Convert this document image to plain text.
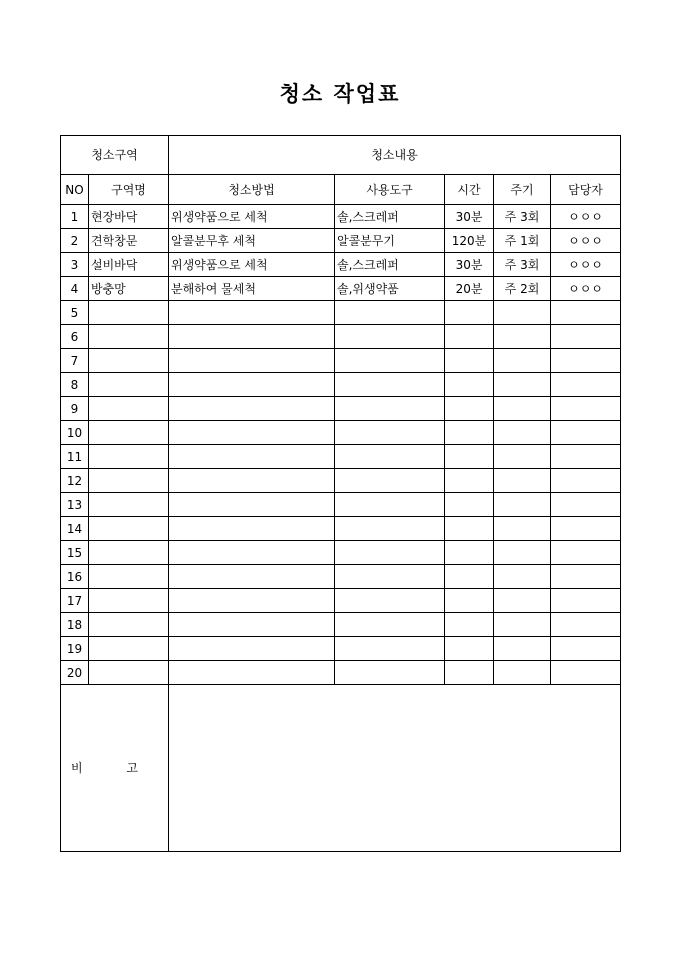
청소 작업표
청소구역		청소내용				
NO	구역명	청소방법	사용도구	시간	주기	담당자
1	현장바닥	위생약품으로 세척	솔,스크레퍼	30분	주 3회	ㅇㅇㅇ
2	견학창문	알콜분무후 세척	알콜분무기	120분	주 1회	ㅇㅇㅇ
3	설비바닥	위생약품으로 세척	솔,스크레퍼	30분	주 3회	ㅇㅇㅇ
4	방충망	분해하여 물세척	솔,위생약품	20분	주 2회	ㅇㅇㅇ
5						
6						
7						
8						
9						
10						
11						
12						
13						
14						
15						
16						
17						
18						
19						
20						
비 고						
